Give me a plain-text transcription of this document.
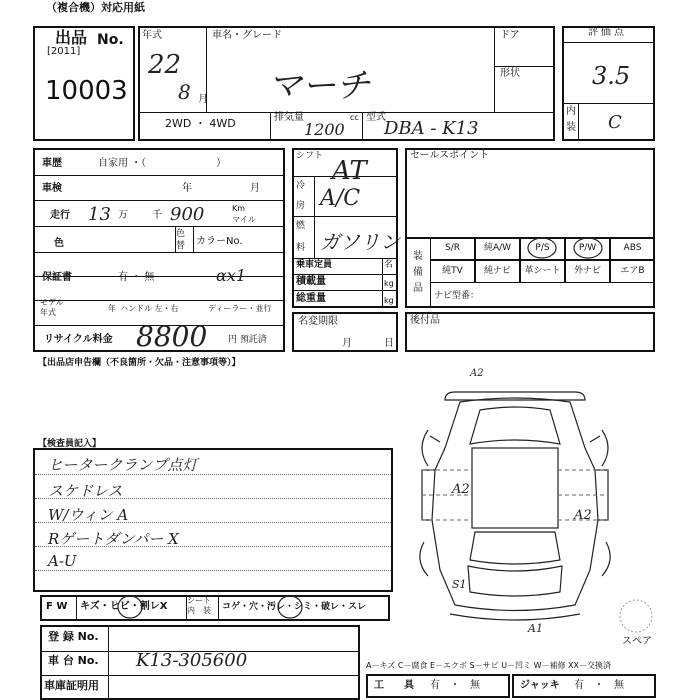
（複合機）対応用紙
出品 No.
[2011]
10003
年式
22
8 月
車名・グレード
マーチ
ドア
形状
2WD ・ 4WD	排気量	cc
1200
型式
DBA - K13
評価点
3.5
内
装 C
車歴	自家用 ・（　　　　　　　）
車検	年	月
走行 13 万 千 900	Km
マイル
色
色
替 カラーNo.
保証書	有 ・ 無	αx1
モデル
年式	年 ハンドル 左・右	ディーラー・並行
リサイクル料金 8800 円 預託済
シフト AT
冷
房 A/C
燃
料 ガソリン
乗車定員	名
積載量	kg
総重量	kg
名変期限
月	日
セールスポイント
装
備
品
S/R	純A/W	P/S	P/W	ABS
純TV	純ナビ	革シート	外ナビ	エアB
ナビ型番：
後付品
【出品店申告欄（不良箇所・欠品・注意事項等）】
【検査員記入】
ヒータークランプ点灯
スケドレス
W/ウィン A
Rゲートダンパー X
A-U
F W キズ・ヒビ・割レX
シート
内　装 コゲ・穴・汚レ・シミ・破レ・スレ
登 録 No.
車 台 No. K13-305600
車庫証明用
A－キズ C－腐食 E－エクボ S－サビ U－凹ミ W－補修 XX－交換済
工　　具 有　・　無	ジャッキ 有　・　無
スペア
A2
A2
A2
S1
A1
